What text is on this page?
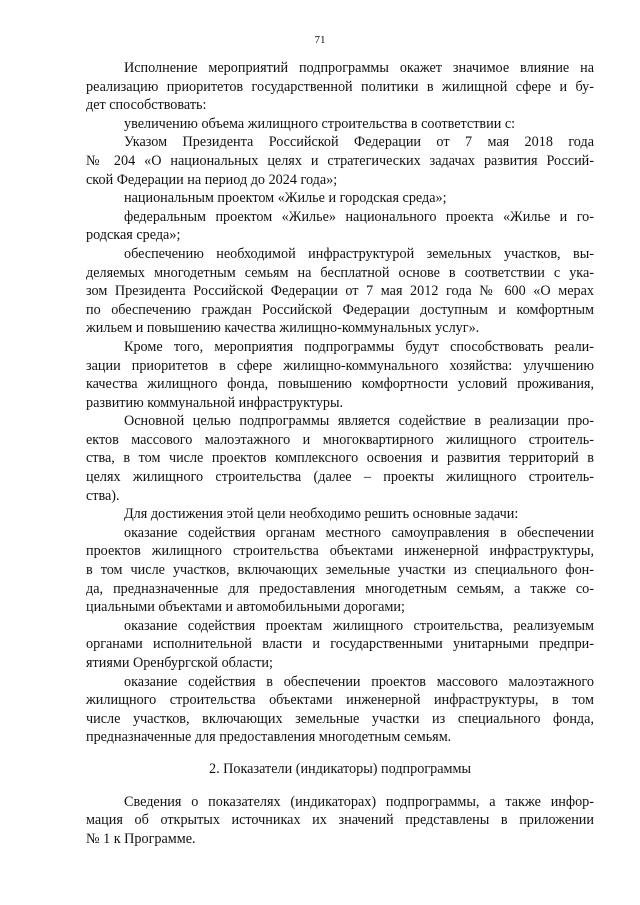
71
Исполнение мероприятий подпрограммы окажет значимое влияние на
реализацию приоритетов государственной политики в жилищной сфере и бу-
дет способствовать:
увеличению объема жилищного строительства в соответствии с:
Указом Президента Российской Федерации от 7 мая 2018 года
№ 204 «О национальных целях и стратегических задачах развития Россий-
ской Федерации на период до 2024 года»;
национальным проектом «Жилье и городская среда»;
федеральным проектом «Жилье» национального проекта «Жилье и го-
родская среда»;
обеспечению необходимой инфраструктурой земельных участков, вы-
деляемых многодетным семьям на бесплатной основе в соответствии с ука-
зом Президента Российской Федерации от 7 мая 2012 года № 600 «О мерах
по обеспечению граждан Российской Федерации доступным и комфортным
жильем и повышению качества жилищно-коммунальных услуг».
Кроме того, мероприятия подпрограммы будут способствовать реали-
зации приоритетов в сфере жилищно-коммунального хозяйства: улучшению
качества жилищного фонда, повышению комфортности условий проживания,
развитию коммунальной инфраструктуры.
Основной целью подпрограммы является содействие в реализации про-
ектов массового малоэтажного и многоквартирного жилищного строитель-
ства, в том числе проектов комплексного освоения и развития территорий в
целях жилищного строительства (далее – проекты жилищного строитель-
ства).
Для достижения этой цели необходимо решить основные задачи:
оказание содействия органам местного самоуправления в обеспечении
проектов жилищного строительства объектами инженерной инфраструктуры,
в том числе участков, включающих земельные участки из специального фон-
да, предназначенные для предоставления многодетным семьям, а также со-
циальными объектами и автомобильными дорогами;
оказание содействия проектам жилищного строительства, реализуемым
органами исполнительной власти и государственными унитарными предпри-
ятиями Оренбургской области;
оказание содействия в обеспечении проектов массового малоэтажного
жилищного строительства объектами инженерной инфраструктуры, в том
числе участков, включающих земельные участки из специального фонда,
предназначенные для предоставления многодетным семьям.
2. Показатели (индикаторы) подпрограммы
Сведения о показателях (индикаторах) подпрограммы, а также инфор-
мация об открытых источниках их значений представлены в приложении
№ 1 к Программе.
